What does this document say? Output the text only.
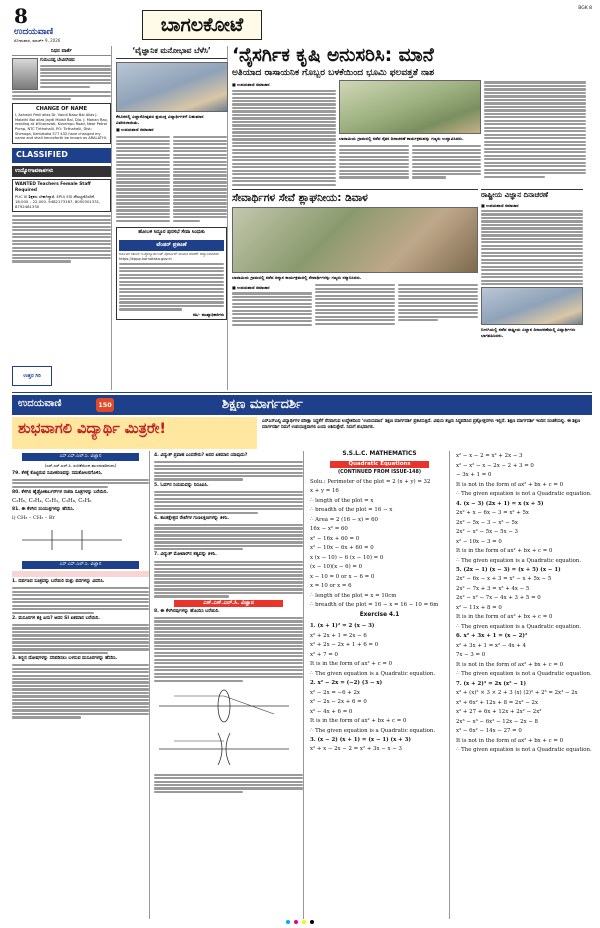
8
ಉದಯವಾಣಿ
ಸೋಮವಾರ, ಮಾರ್ಚ್ 9, 2026
ಬಾಗಲಕೋಟೆ
BGK 8
ನಿಧನ ವಾರ್ತೆ
ಗುರುಬಸಪ್ಪ ಬೇವಿನಗಿಡದ
CHANGE OF NAME
I, Ashwini Patil alias Dr. Vandi Naaz Bai Alias J. Malathi Bai alias Jaydi Molali Bai, D/o. J. Mohan Rao, residing at #Sharavati, Kuvempu Road, Near Petrol Pump, NTC Tirthahalli, PO: Tirthahalli, Dist: Shimoga, Karnataka 577 432 have changed my name and shall henceforth be known as ARALATHI.
CLASSIFIED
ಉದ್ಯೋಗಾವಕಾಶಗಳು
WANTED Teachers Female Staff Required
PUC III ಶಿಕ್ಷಕರು ಬೇಕಾಗಿದ್ದಾರೆ. EPU/ ESI ಸೌಲಭ್ಯದೊಂದಿಗೆ. 18,000 – 22,000. 9482173167, 8050301331, 8792481330
ಉತ್ತರ ಗಿರಿ
‘ವೈಜ್ಞಾನಿಕ ಮನೋಭಾವ ಬೆಳೆಸಿ’
ಕೆರೂರನಲ್ಲಿ ವಿಜ್ಞಾನೋತ್ಸವದ ಪ್ರಯುಕ್ತ ವಿದ್ಯಾರ್ಥಿಗಳಿಗೆ ಬಹುಮಾನ ವಿತರಿಸಲಾಯಿತು.
■ ಉದಯವಾಣಿ ಸಮಾಚಾರ
ಹೋಬಳಿ ಸಿದ್ದೂರ ಪುರಸಭೆ ಸೇವಾ ಸಿಂಧುಕು
ಟೆಂಡರ್ ಪ್ರಕಟಣೆ
ಕರ್ನಾಟಕ ಸರ್ಕಾರ ಇ-ಪ್ರೊಕ್ಯೂರ್ಮೆಂಟ್ ಪೋರ್ಟಲ್ ಮೂಲಕ ಟೆಂಡರ್ ಆಹ್ವಾನಿಸಲಾಗಿದೆ. https://kppp.karnataka.gov.in
ಸಹಿ/- ಮುಖ್ಯಾಧಿಕಾರಿಗಳು
‘ನೈಸರ್ಗಿಕ ಕೃಷಿ ಅನುಸರಿಸಿ: ಮಾನೆ
ಅತಿಯಾದ ರಾಸಾಯನಿಕ ಗೊಬ್ಬರ ಬಳಕೆಯಿಂದ ಭೂಮಿ ಫಲವತ್ತತೆ ನಾಶ
■ ಉದಯವಾಣಿ ಸಮಾಚಾರ
ಬಾದಾಮಿಯ ಗ್ರಾಮದಲ್ಲಿ ನಡೆದ ರೈತರ ದಿನಾಚರಣೆ ಕಾರ್ಯಕ್ರಮವನ್ನು ಗಣ್ಯರು ಉದ್ಘಾಟಿಸಿದರು.
ಸೇವಾರ್ಥಿಗಳ ಸೇವೆ ಶ್ಲಾಘನೀಯ: ಡಿವಾಳ
ಬಾದಾಮಿಯ ಗ್ರಾಮದಲ್ಲಿ ನಡೆದ ಸನ್ಮಾನ ಕಾರ್ಯಕ್ರಮದಲ್ಲಿ ಸೇವಾರ್ಥಿಗಳನ್ನು ಗಣ್ಯರು ಸನ್ಮಾನಿಸಿದರು.
■ ಉದಯವಾಣಿ ಸಮಾಚಾರ
ರಾಷ್ಟ್ರೀಯ ವಿಜ್ಞಾನ ದಿನಾಚರಣೆ
■ ಉದಯವಾಣಿ ಸಮಾಚಾರ
ಬೀಳಗಿಯಲ್ಲಿ ನಡೆದ ರಾಷ್ಟ್ರೀಯ ವಿಜ್ಞಾನ ದಿನಾಚರಣೆಯಲ್ಲಿ ವಿದ್ಯಾರ್ಥಿಗಳು ಭಾಗವಹಿಸಿದರು.
ಉದಯವಾಣಿ	150	ಶಿಕ್ಷಣ ಮಾರ್ಗದರ್ಶಿ
ಶುಭವಾಗಲಿ ವಿದ್ಯಾರ್ಥಿ ಮಿತ್ರರೇ!	ಎಸ್ಎಸ್ಎಲ್ಸಿ ವಿದ್ಯಾರ್ಥಿಗಳ ಪರೀಕ್ಷಾ ಸಿದ್ಧತೆಗೆ ನೆರವಾಗುವ ಉದ್ದೇಶದಿಂದ ‘ಉದಯವಾಣಿ’ ಶಿಕ್ಷಣ ಮಾರ್ಗದರ್ಶಿ ಪ್ರಕಟಿಸುತ್ತಿದೆ. ವಿಷಯ ತಜ್ಞರು ಸಿದ್ಧಪಡಿಸಿದ ಪ್ರಶ್ನೋತ್ತರಗಳು ಇಲ್ಲಿವೆ. ಶಿಕ್ಷಣ ಮಾರ್ಗದರ್ಶಿ ಇಂದಿನ ಸಂಚಿಕೆಯಲ್ಲಿ. ಈ ಶಿಕ್ಷಣ ಮಾರ್ಗದರ್ಶಿ ನಿಮಗೆ ಉಪಯುಕ್ತವಾಗಲಿ ಎಂದು ಆಶಿಸುತ್ತೇವೆ. ನಿಮಗೆ ಶುಭವಾಗಲಿ.
ಎಸ್.ಎಸ್.ಎಲ್.ಸಿ. ವಿಜ್ಞಾನ
(ಎಸ್.ಎಸ್.ಎಲ್.ಸಿ. ಸಂಚಿಕೆಯಿಂದ ಮುಂದುವರಿದುದು)

79. ಕೆಳಕ್ಕೆ ಕೊಟ್ಟಿರುವ ಸಮೀಕರಣವನ್ನು ಸಮತೋಲನಗೊಳಿಸಿ.

80. ಕೆಳಗಿನ ಹೈಡ್ರೋಕಾರ್ಬನ್‌ಗಳ ರಚನಾ ಸೂತ್ರಗಳನ್ನು ಬರೆಯಿರಿ.

C₂H₆, C₂H₄, C₂H₂, C₃H₈, C₃H₆

81. ಈ ಕೆಳಗಿನ ಸಂಯುಕ್ತಗಳನ್ನು ಹೆಸರಿಸಿ.

i) CH₃ – CH₂ – Br

ಎಸ್.ಎಸ್.ಎಲ್.ಸಿ. ವಿಜ್ಞಾನ

1. ದರ್ಪಣದ ಸೂತ್ರವನ್ನು ಬರೆಯಿರಿ ಮತ್ತು ಪದಗಳನ್ನು ವಿವರಿಸಿ.

2. ಮಸೂರಗಳ ಶಕ್ತಿ ಏನು? ಅದರ SI ಏಕಮಾನ ಬರೆಯಿರಿ.

3. ಕಣ್ಣಿನ ದೋಷಗಳನ್ನು ಸರಿಪಡಿಸಲು ಬಳಸುವ ಮಸೂರಗಳನ್ನು ಹೆಸರಿಸಿ.

4. ವಿದ್ಯುತ್ ಪ್ರವಾಹ ಎಂದರೇನು? ಅದರ ಏಕಮಾನ ಯಾವುದು?

5. ಓಮ್‌ನ ನಿಯಮವನ್ನು ನಿರೂಪಿಸಿ.

6. ಕಾಂತಕ್ಷೇತ್ರದ ರೇಖೆಗಳ ಗುಣಲಕ್ಷಣಗಳನ್ನು ತಿಳಿಸಿ.

7. ವಿದ್ಯುತ್ ಮೋಟಾರ್‌ನ ತತ್ವವನ್ನು ತಿಳಿಸಿ.

ಎಸ್.ಎಸ್.ಎಲ್.ಸಿ. ವಿಜ್ಞಾನ

8. ಈ ಕೆಳಗಿನವುಗಳನ್ನು ಹೊಂದಿಸಿ ಬರೆಯಿರಿ.

S.S.L.C. MATHEMATICS
Quadratic Equations
(CONTINUED FROM ISSUE-148)

Solu.: Perimeter of the plot = 2 (x + y) = 32

x + y = 16

∴ length of the plot = x

∴ breadth of the plot = 16 − x

∴ Area = 2 (16 − x) = 60

16x − x² = 60

x² − 16x + 60 = 0

x² − 10x − 6x + 60 = 0

x (x − 10) − 6 (x − 10) = 0

(x − 10)(x − 6) = 0

x − 10 = 0 or x − 6 = 0

x = 10 or x = 6

∴ length of the plot = x = 10cm

∴ breadth of the plot = 16 − x = 16 − 10 = 6m

Exercise 4.1

1. (x + 1)² = 2 (x − 3)

x² + 2x + 1 = 2x − 6

x² + 2x − 2x + 1 + 6 = 0

x² + 7 = 0

It is in the form of ax² + c = 0

∴ The given equation is a Quadratic equation.

2. x² − 2x = (−2) (3 − x)

x² − 2x = −6 + 2x

x² − 2x − 2x + 6 = 0

x² − 4x + 6 = 0

It is in the form of ax² + bx + c = 0

∴ The given equation is a Quadratic equation.

3. (x − 2) (x + 1) = (x − 1) (x + 3)

x² + x − 2x − 2 = x² + 3x − x − 3

x² − x − 2 = x² + 2x − 3

x² − x² − x − 2x − 2 + 3 = 0

− 3x + 1 = 0

It is not in the form of ax² + bx + c = 0

∴ The given equation is not a Quadratic equation.

4. (x − 3) (2x + 1) = x (x + 5)

2x² + x − 6x − 3 = x² + 5x

2x² − 5x − 3 − x² − 5x

2x² − x² − 5x − 5x − 3

x² − 10x − 3 = 0

It is in the form of ax² + bx + c = 0

∴ The given equation is a Quadratic equation.

5. (2x − 1) (x − 3) = (x + 5) (x − 1)

2x² − 6x − x + 3 = x² − x + 5x − 5

2x² − 7x + 3 = x² + 4x − 5

2x² − x² − 7x − 4x + 3 + 5 = 0

x² − 11x + 8 = 0

It is in the form of ax² + bx + c = 0

∴ The given equation is a Quadratic equation.

6. x² + 3x + 1 = (x − 2)²

x² + 3x + 1 = x² − 4x + 4

7x − 3 = 0

It is not in the form of ax² + bx + c = 0

∴ The given equation is not a Quadratic equation.

7. (x + 2)³ = 2x (x² − 1)

x³ + (x)² × 3 × 2 + 3 (x) (2)² + 2³ = 2x³ − 2x

x³ + 6x² + 12x + 8 = 2x³ − 2x

x³ + 27 + 6x + 12x + 2x² − 2x³

2x³ − x³ − 6x² − 12x − 2x − 8

x³ − 6x² − 14x − 27 = 0

It is not in the form of ax² + bx + c = 0

∴ The given equation is not a Quadratic equation.
